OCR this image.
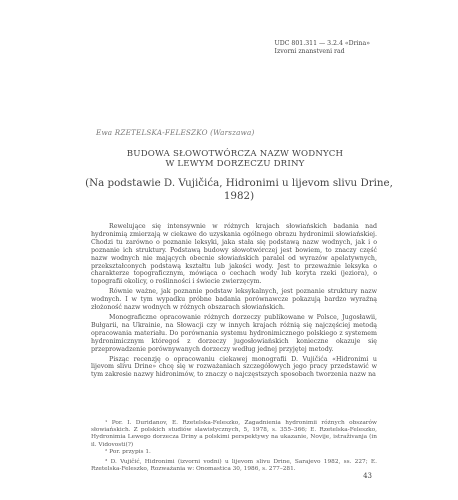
UDC 801.311 — 3.2.4 «Drina»
Izvorni znanstveni rad
Ewa RZETELSKA-FELESZKO (Warszawa)
BUDOWA SŁOWOTWÓRCZA NAZW WODNYCH
W LEWYM DORZECZU DRINY
(Na podstawie D. Vujičića, Hidronimi u lijevom slivu Drine, 1982)

Rewelujące się intensywnie w różnych krajach słowiańskich badania nad hydronimią zmierzają w ciekawe do uzyskania ogólnego obrazu hydronimii słowiańskiej. Chodzi tu zarówno o poznanie leksyki, jaka stała się podstawą nazw wodnych, jak i o poznanie ich struktury. Podstawą budowy słowotwórczej jest bowiem, to znaczy część nazw wodnych nie mających obecnie słowiańskich paralel od wyrazów apelatywnych, przekształconych podstawą kształtu lub jakości wody. Jest to przeważnie leksyka o charakterze topograficznym, mówiąca o cechach wody lub koryta rzeki (jeziora), o topografii okolicy, o roślinności i świecie zwierzęcym.

Równie ważne, jak poznanie podstaw leksykalnych, jest poznanie struktury nazw wodnych. I w tym wypadku próbne badania porównawcze pokazują bardzo wyraźną złożoność nazw wodnych w różnych obszarach słowiańskich.

Monograficzne opracowanie różnych dorzeczy publikowane w Polsce, Jugosławii, Bułgarii, na Ukrainie, na Słowacji czy w innych krajach różnią się najczęściej metodą opracowania materiału. Do porównania systemu hydronimicznego polskiego z systemem hydronimicznym któregoś z dorzeczy jugosłowiańskich konieczne okazuje się przeprowadzenie porównywanych dorzeczy według jednej przyjętej metody.

Pisząc recenzję o opracowaniu ciekawej monografii D. Vujičića «Hidronimi u lijevom slivu Drine» chcę się w rozważaniach szczegółowych jego pracy przedstawić w tym zakresie nazwy hidronimów, to znaczy o najczęstszych sposobach tworzenia nazw na

¹ Por. I. Duridanov, E. Rzetelska-Feleszko, Zagadnienia hydronimii różnych obszarów słowiańskich. Z polskich studiów slawistycznych, 5, 1978, s. 355–366; E. Rzetelska-Feleszko, Hydronimia Lewego dorzecza Driny a polskimi perspektywy na ukazanie, Novije, istraživanja (in il. Vidovosti(?)

² Por. przypis 1.

³ D. Vujičić, Hidronimi (izvorni vodni) u lijevom slivu Drine, Sarajevo 1982, ss. 227; E. Rzetelska-Feleszko, Rozważania w: Onomastica 30, 1986, s. 277–281.

43
